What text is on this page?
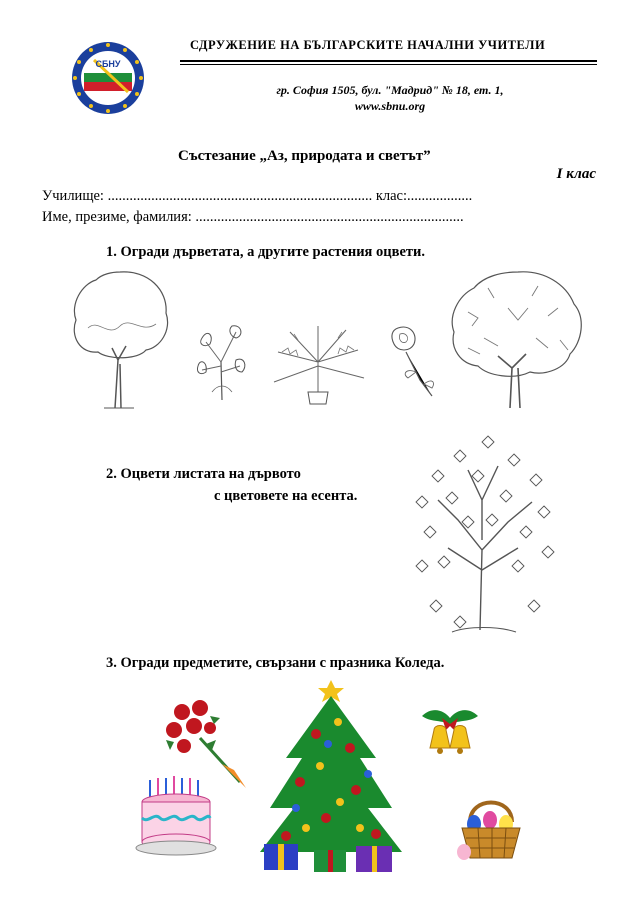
СБНУ
СДРУЖЕНИЕ НА БЪЛГАРСКИТЕ НАЧАЛНИ УЧИТЕЛИ
гр. София 1505, бул. "Мадрид" № 18, ет. 1,
www.sbnu.org
Състезание „Аз, природата и светът”
I клас
Училище: ......................................................................... клас:..................
Име, презиме, фамилия: ..........................................................................
1. Огради дърветата, а другите растения оцвети.
2. Оцвети листата на дървото
с цветовете на есента.
3. Огради предметите, свързани с празника Коледа.
